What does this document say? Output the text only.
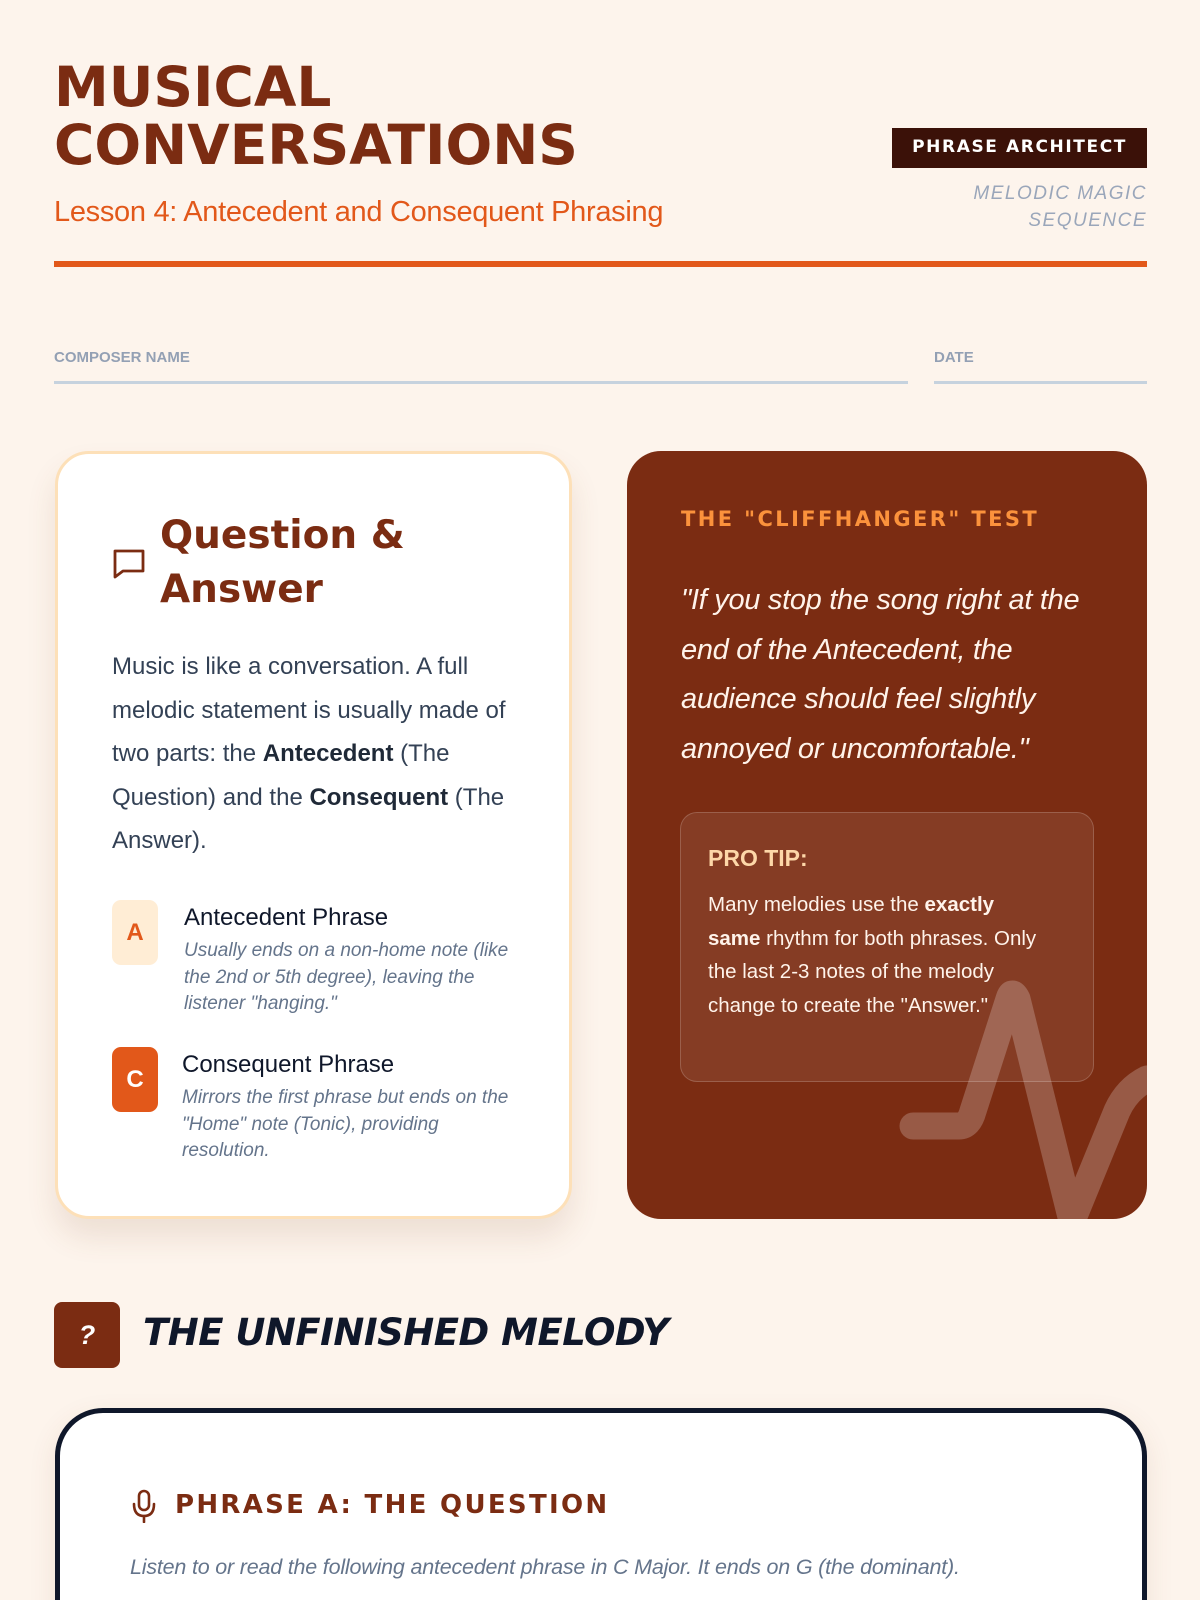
MUSICAL
CONVERSATIONS
Lesson 4: Antecedent and Consequent Phrasing
PHRASE ARCHITECT
MELODIC MAGIC
SEQUENCE
COMPOSER NAME	DATE
Question &
Answer
Music is like a conversation. A full melodic statement is usually made of two parts: the Antecedent (The Question) and the Consequent (The Answer).
A
Antecedent Phrase
Usually ends on a non-home note (like the 2nd or 5th degree), leaving the listener "hanging."
C
Consequent Phrase
Mirrors the first phrase but ends on the "Home" note (Tonic), providing resolution.
THE "CLIFFHANGER" TEST
"If you stop the song right at the end of the Antecedent, the audience should feel slightly annoyed or uncomfortable."
PRO TIP:
Many melodies use the exactly same rhythm for both phrases. Only the last 2-3 notes of the melody change to create the "Answer."
?	THE UNFINISHED MELODY
PHRASE A: THE QUESTION
Listen to or read the following antecedent phrase in C Major. It ends on G (the dominant).
